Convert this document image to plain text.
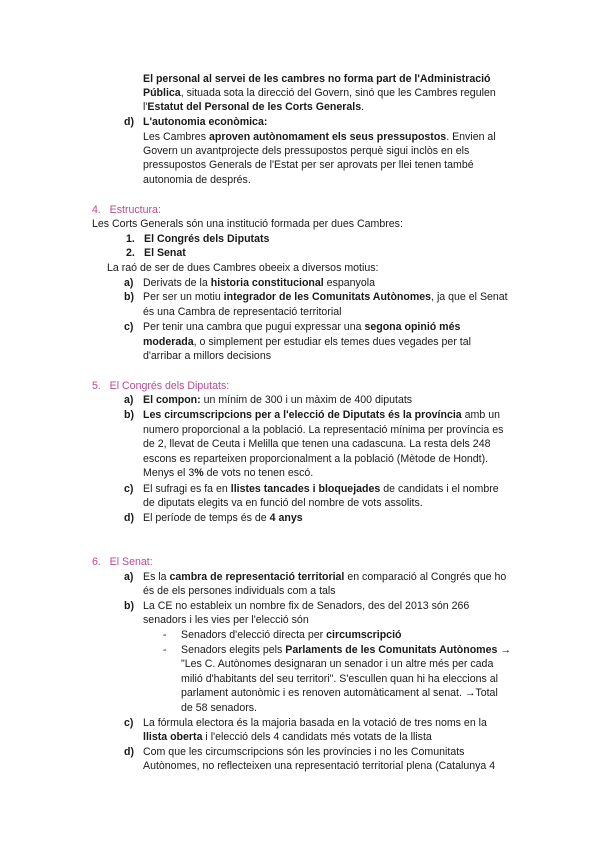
El personal al servei de les cambres no forma part de l'Administració
Pública, situada sota la direcció del Govern, sinó que les Cambres regulen
l'Estatut del Personal de les Corts Generals.
d) L'autonomia econòmica:
Les Cambres aproven autònomament els seus pressupostos. Envien al
Govern un avantprojecte dels pressupostos perquè sigui inclòs en els
pressupostos Generals de l'Estat per ser aprovats per llei tenen també
autonomia de després.
4.   Estructura:
Les Corts Generals són una institució formada per dues Cambres:
1. El Congrés dels Diputats
2. El Senat
La raó de ser de dues Cambres obeeix a diversos motius:
a) Derivats de la historia constitucional espanyola
b) Per ser un motiu integrador de les Comunitats Autònomes, ja que el Senat
és una Cambra de representació territorial
c) Per tenir una cambra que pugui expressar una segona opinió més
moderada, o simplement per estudiar els temes dues vegades per tal
d'arribar a millors decisions
5.   El Congrés dels Diputats:
a) El compon: un mínim de 300 i un màxim de 400 diputats
b) Les circumscripcions per a l'elecció de Diputats és la província amb un
numero proporcional a la població. La representació mínima per província es
de 2, llevat de Ceuta i Melilla que tenen una cadascuna. La resta dels 248
escons es reparteixen proporcionalment a la població (Mètode de Hondt).
Menys el 3% de vots no tenen escó.
c) El sufragi es fa en llistes tancades i bloquejades de candidats i el nombre
de diputats elegits va en funció del nombre de vots assolits.
d) El període de temps és de 4 anys
6.   El Senat:
a) Es la cambra de representació territorial en comparació al Congrés que ho
és de els persones individuals com a tals
b) La CE no estableix un nombre fix de Senadors, des del 2013 són 266
senadors i les vies per l'elecció són
- Senadors d'elecció directa per circumscripció
- Senadors elegits pels Parlaments de les Comunitats Autònomes →
"Les C. Autònomes designaran un senador i un altre més per cada
milió d'habitants del seu territori". S'escullen quan hi ha eleccions al
parlament autonòmic i es renoven automàticament al senat. →Total
de 58 senadors.
c) La fórmula electora és la majoria basada en la votació de tres noms en la
llista oberta i l'elecció dels 4 candidats més votats de la llista
d) Com que les circumscripcions són les províncies i no les Comunitats
Autònomes, no reflecteixen una representació territorial plena (Catalunya 4
